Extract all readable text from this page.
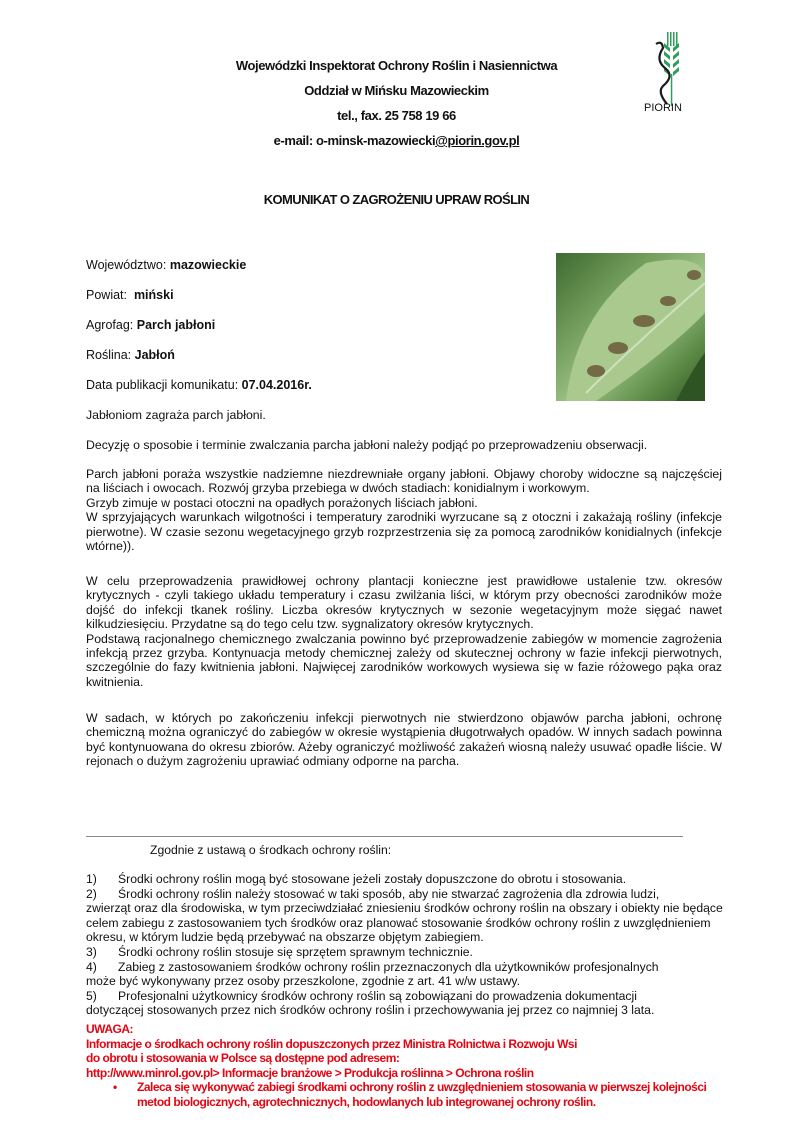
Wojewódzki Inspektorat Ochrony Roślin i Nasiennictwa
Oddział w Mińsku Mazowieckim
tel., fax. 25 758 19 66
e-mail: o-minsk-mazowiecki@piorin.gov.pl
PIORIN
KOMUNIKAT O ZAGROŻENIU UPRAW ROŚLIN
Województwo: mazowieckie
Powiat:  miński
Agrofag: Parch jabłoni
Roślina: Jabłoń
Data publikacji komunikatu: 07.04.2016r.
Jabłoniom zagraża parch jabłoni.
Decyzję o sposobie i terminie zwalczania parcha jabłoni należy podjąć po przeprowadzeniu obserwacji.

Parch jabłoni poraża wszystkie nadziemne niezdrewniałe organy jabłoni. Objawy choroby widoczne są najczęściej na liściach i owocach. Rozwój grzyba przebiega w dwóch stadiach: konidialnym i workowym.

Grzyb zimuje w postaci otoczni na opadłych porażonych liściach jabłoni.

W sprzyjających warunkach wilgotności i temperatury zarodniki wyrzucane są z otoczni i zakażają rośliny (infekcje pierwotne). W czasie sezonu wegetacyjnego grzyb rozprzestrzenia się za pomocą zarodników konidialnych (infekcje wtórne)).

W celu przeprowadzenia prawidłowej ochrony plantacji konieczne jest prawidłowe ustalenie tzw. okresów krytycznych - czyli takiego układu temperatury i czasu zwilżania liści, w którym przy obecności zarodników może dojść do infekcji tkanek rośliny. Liczba okresów krytycznych w sezonie wegetacyjnym może sięgać nawet kilkudziesięciu. Przydatne są do tego celu tzw. sygnalizatory okresów krytycznych.

Podstawą racjonalnego chemicznego zwalczania powinno być przeprowadzenie zabiegów w momencie zagrożenia infekcją przez grzyba. Kontynuacja metody chemicznej zależy od skutecznej ochrony w fazie infekcji pierwotnych, szczególnie do fazy kwitnienia jabłoni. Najwięcej zarodników workowych wysiewa się w fazie różowego pąka oraz kwitnienia.

W sadach, w których po zakończeniu infekcji pierwotnych nie stwierdzono objawów parcha jabłoni, ochronę chemiczną można ograniczyć do zabiegów w okresie wystąpienia długotrwałych opadów. W innych sadach powinna być kontynuowana do okresu zbiorów. Ażeby ograniczyć możliwość zakażeń wiosną należy usuwać opadłe liście. W rejonach o dużym zagrożeniu uprawiać odmiany odporne na parcha.

Zgodnie z ustawą o środkach ochrony roślin:
1) Środki ochrony roślin mogą być stosowane jeżeli zostały dopuszczone do obrotu i stosowania.
2) Środki ochrony roślin należy stosować w taki sposób, aby nie stwarzać zagrożenia dla zdrowia ludzi,
zwierząt oraz dla środowiska, w tym przeciwdziałać zniesieniu środków ochrony roślin na obszary i obiekty nie będące celem zabiegu z zastosowaniem tych środków oraz planować stosowanie środków ochrony roślin z uwzględnieniem okresu, w którym ludzie będą przebywać na obszarze objętym zabiegiem.
3) Środki ochrony roślin stosuje się sprzętem sprawnym technicznie.
4) Zabieg z zastosowaniem środków ochrony roślin przeznaczonych dla użytkowników profesjonalnych
może być wykonywany przez osoby przeszkolone, zgodnie z art. 41 w/w ustawy.
5) Profesjonalni użytkownicy środków ochrony roślin są zobowiązani do prowadzenia dokumentacji
dotyczącej stosowanych przez nich środków ochrony roślin i przechowywania jej przez co najmniej 3 lata.
UWAGA:
Informacje o środkach ochrony roślin dopuszczonych przez Ministra Rolnictwa i Rozwoju Wsi
do obrotu i stosowania w Polsce są dostępne pod adresem:
http://www.minrol.gov.pl> Informacje branżowe > Produkcja roślinna > Ochrona roślin
•	Zaleca się wykonywać zabiegi środkami ochrony roślin z uwzględnieniem stosowania w pierwszej kolejności metod biologicznych, agrotechnicznych, hodowlanych lub integrowanej ochrony roślin.
